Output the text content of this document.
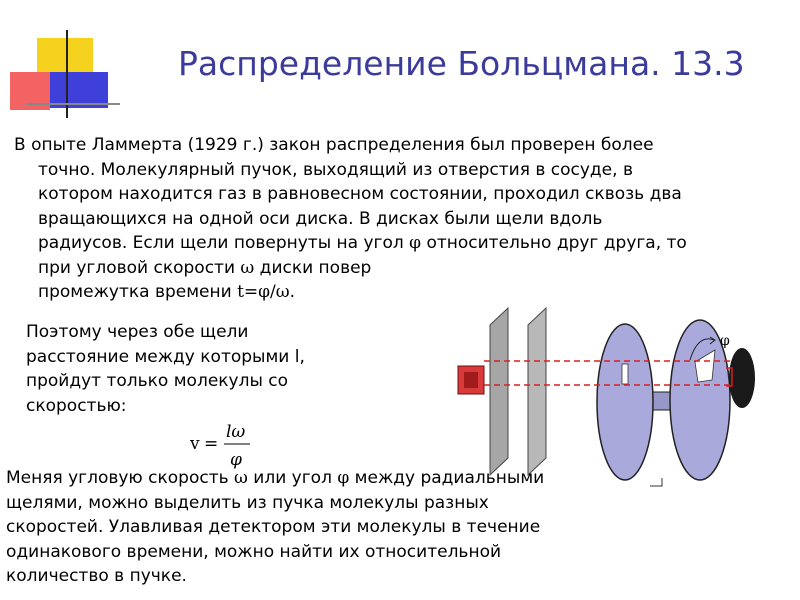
Распределение Больцмана. 13.3
В опыте Ламмерта (1929 г.) закон распределения был проверен более
точно. Молекулярный пучок, выходящий из отверстия в сосуде, в
котором находится газ в равновесном состоянии, проходил сквозь два
вращающихся на одной оси диска. В дисках были щели вдоль
радиусов. Если щели повернуты на угол φ относительно друг друга, то
при угловой скорости ω диски повер
промежутка времени t=φ/ω.
Поэтому через обе щели
расстояние между которыми l,
пройдут только молекулы со
скоростью:
v =
lω
φ
φ
Меняя угловую скорость ω или угол φ между радиальными
щелями, можно выделить из пучка молекулы разных
скоростей. Улавливая детектором эти молекулы в течение
одинакового времени, можно найти их относительной
количество в пучке.
